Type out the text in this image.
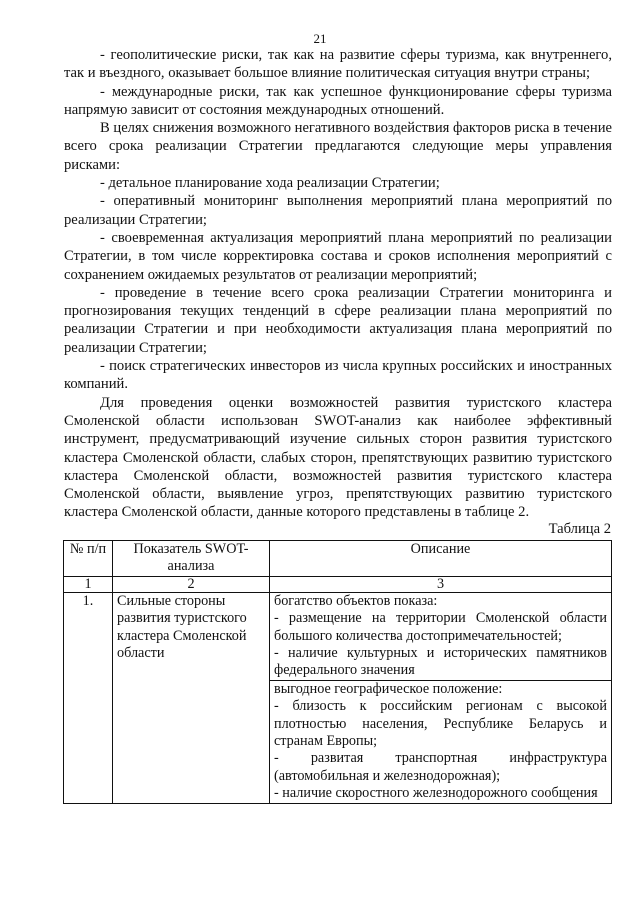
21

- геополитические риски, так как на развитие сферы туризма, как внутреннего, так и въездного, оказывает большое влияние политическая ситуация внутри страны;

- международные риски, так как успешное функционирование сферы туризма напрямую зависит от состояния международных отношений.

В целях снижения возможного негативного воздействия факторов риска в течение всего срока реализации Стратегии предлагаются следующие меры управления рисками:

- детальное планирование хода реализации Стратегии;

- оперативный мониторинг выполнения мероприятий плана мероприятий по реализации Стратегии;

- своевременная актуализация мероприятий плана мероприятий по реализации Стратегии, в том числе корректировка состава и сроков исполнения мероприятий с сохранением ожидаемых результатов от реализации мероприятий;

- проведение в течение всего срока реализации Стратегии мониторинга и прогнозирования текущих тенденций в сфере реализации плана мероприятий по реализации Стратегии и при необходимости актуализация плана мероприятий по реализации Стратегии;

- поиск стратегических инвесторов из числа крупных российских и иностранных компаний.

Для проведения оценки возможностей развития туристского кластера Смоленской области использован SWOT-анализ как наиболее эффективный инструмент, предусматривающий изучение сильных сторон развития туристского кластера Смоленской области, слабых сторон, препятствующих развитию туристского кластера Смоленской области, возможностей развития туристского кластера Смоленской области, выявление угроз, препятствующих развитию туристского кластера Смоленской области, данные которого представлены в таблице 2.

Таблица 2
№ п/п	Показатель SWOT-анализа	Описание
1	2	3
1.	Сильные стороны развития туристского кластера Смоленской области	богатство объектов показа:
- размещение на территории Смоленской области большого количества достопримечательностей;
- наличие культурных и исторических памятников федерального значения

		выгодное географическое положение:
- близость к российским регионам с высокой плотностью населения, Республике Беларусь и странам Европы;
- развитая транспортная инфраструктура (автомобильная и железнодорожная);
- наличие скоростного железнодорожного сообщения
